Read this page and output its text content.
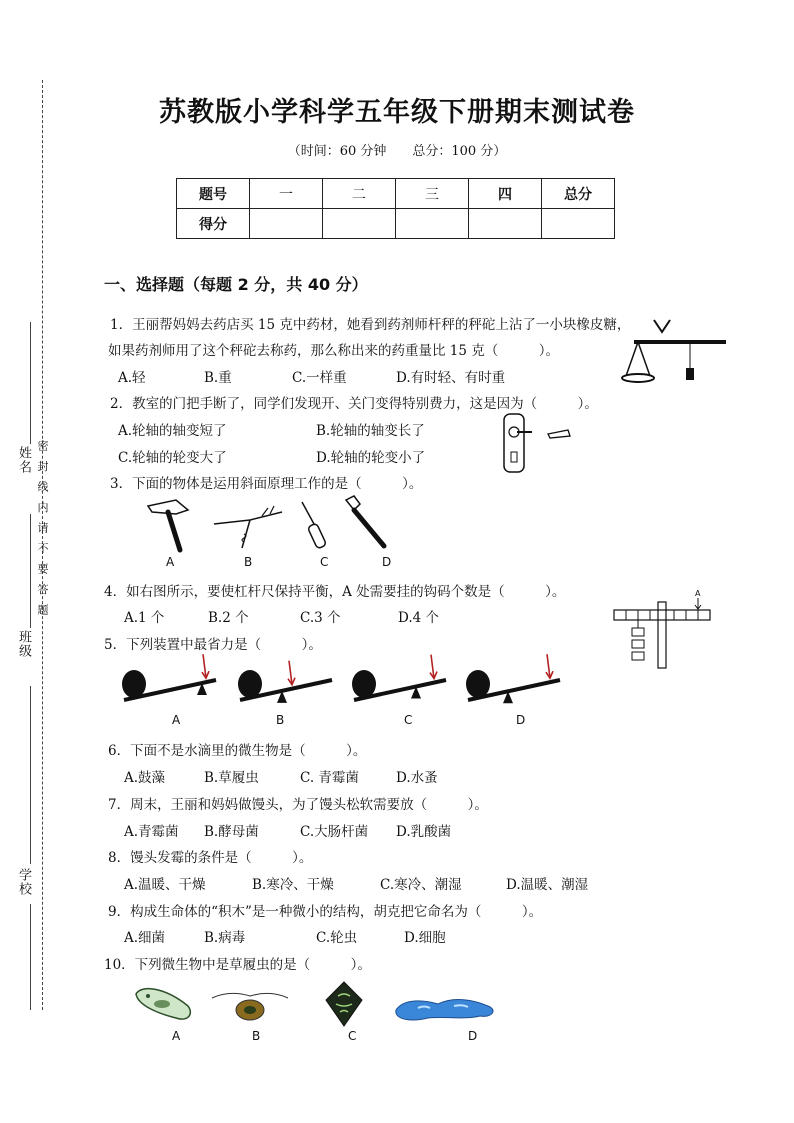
姓名
班级
学校
密 封 线 内 请 不 要 答 题
苏教版小学科学五年级下册期末测试卷
（时间：60 分钟　　总分：100 分）
题号	一	二	三	四	总分
得分					
一、选择题（每题 2 分，共 40 分）
1．王丽帮妈妈去药店买 15 克中药材，她看到药剂师杆秤的秤砣上沾了一小块橡皮糖，
如果药剂师用了这个秤砣去称药，那么称出来的药重量比 15 克（　　　）。
A.轻	B.重	C.一样重	D.有时轻、有时重
2．教室的门把手断了，同学们发现开、关门变得特别费力，这是因为（　　　）。
A.轮轴的轴变短了	B.轮轴的轴变长了
C.轮轴的轮变大了	D.轮轴的轮变小了
3．下面的物体是运用斜面原理工作的是（　　　）。
A	B	C	D
4．如右图所示，要使杠杆尺保持平衡，A 处需要挂的钩码个数是（　　　）。
A.1 个	B.2 个	C.3 个	D.4 个
A
5．下列装置中最省力是（　　　）。
A	B	C	D
6．下面不是水滴里的微生物是（　　　）。
A.鼓藻	B.草履虫	C. 青霉菌	D.水蚤
7．周末，王丽和妈妈做馒头，为了馒头松软需要放（　　　）。
A.青霉菌 B.酵母菌	C.大肠杆菌 D.乳酸菌
8．馒头发霉的条件是（　　　）。
A.温暖、干燥	B.寒冷、干燥	C.寒冷、潮湿	D.温暖、潮湿
9．构成生命体的“积木”是一种微小的结构，胡克把它命名为（　　　）。
A.细菌	B.病毒	C.轮虫	D.细胞
10．下列微生物中是草履虫的是（　　　）。
A	B	C	D
